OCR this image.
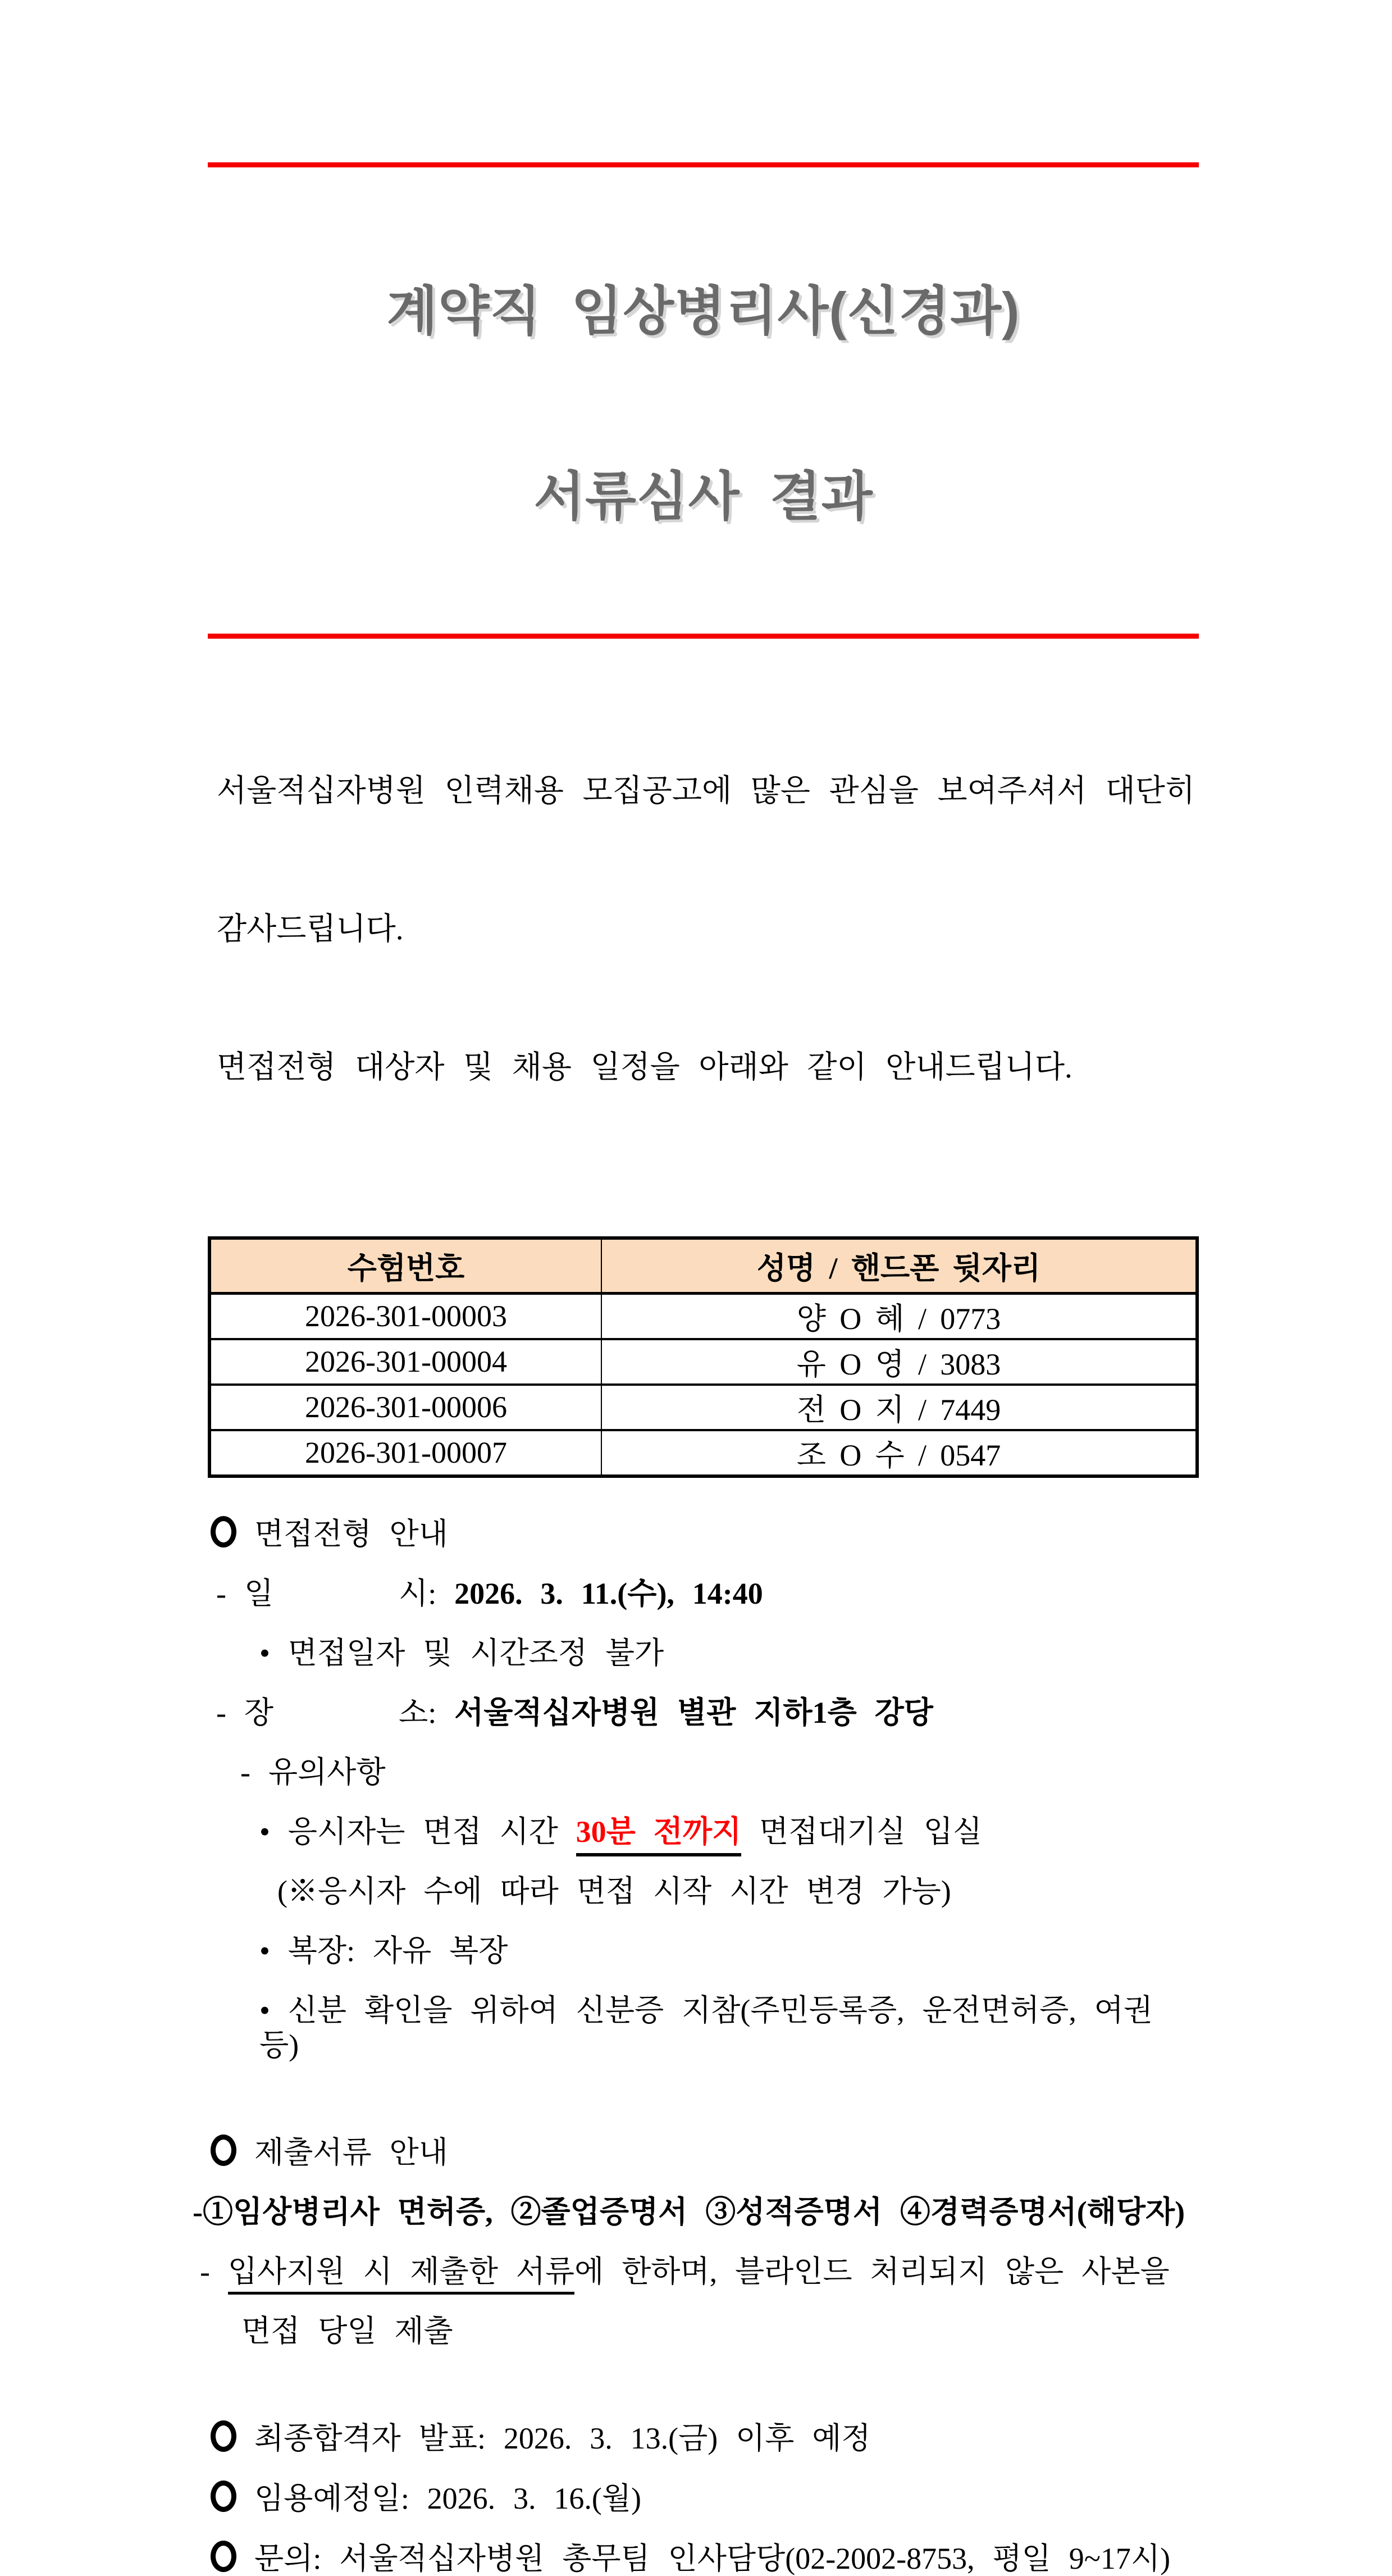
계약직 임상병리사(신경과)

서류심사 결과

서울적십자병원 인력채용 모집공고에 많은 관심을 보여주셔서 대단히

감사드립니다.

면접전형 대상자 및 채용 일정을 아래와 같이 안내드립니다.

수험번호	성명 / 핸드폰 뒷자리
2026-301-00003	양 O 혜 / 0773
2026-301-00004	유 O 영 / 3083
2026-301-00006	전 O 지 / 7449
2026-301-00007	조 O 수 / 0547

면접전형 안내

- 일       시: 2026. 3. 11.(수), 14:40

• 면접일자 및 시간조정 불가

- 장       소: 서울적십자병원 별관 지하1층 강당

- 유의사항

• 응시자는 면접 시간 30분 전까지 면접대기실 입실

(※응시자 수에 따라 면접 시작 시간 변경 가능)

• 복장: 자유 복장

• 신분 확인을 위하여 신분증 지참(주민등록증, 운전면허증, 여권 등)

제출서류 안내

-①임상병리사 면허증, ②졸업증명서 ③성적증명서 ④경력증명서(해당자)

- 입사지원 시 제출한 서류에 한하며, 블라인드 처리되지 않은 사본을

면접 당일 제출

최종합격자 발표: 2026. 3. 13.(금) 이후 예정

임용예정일: 2026. 3. 16.(월)

문의: 서울적십자병원 총무팀 인사담당(02-2002-8753, 평일 9~17시)
